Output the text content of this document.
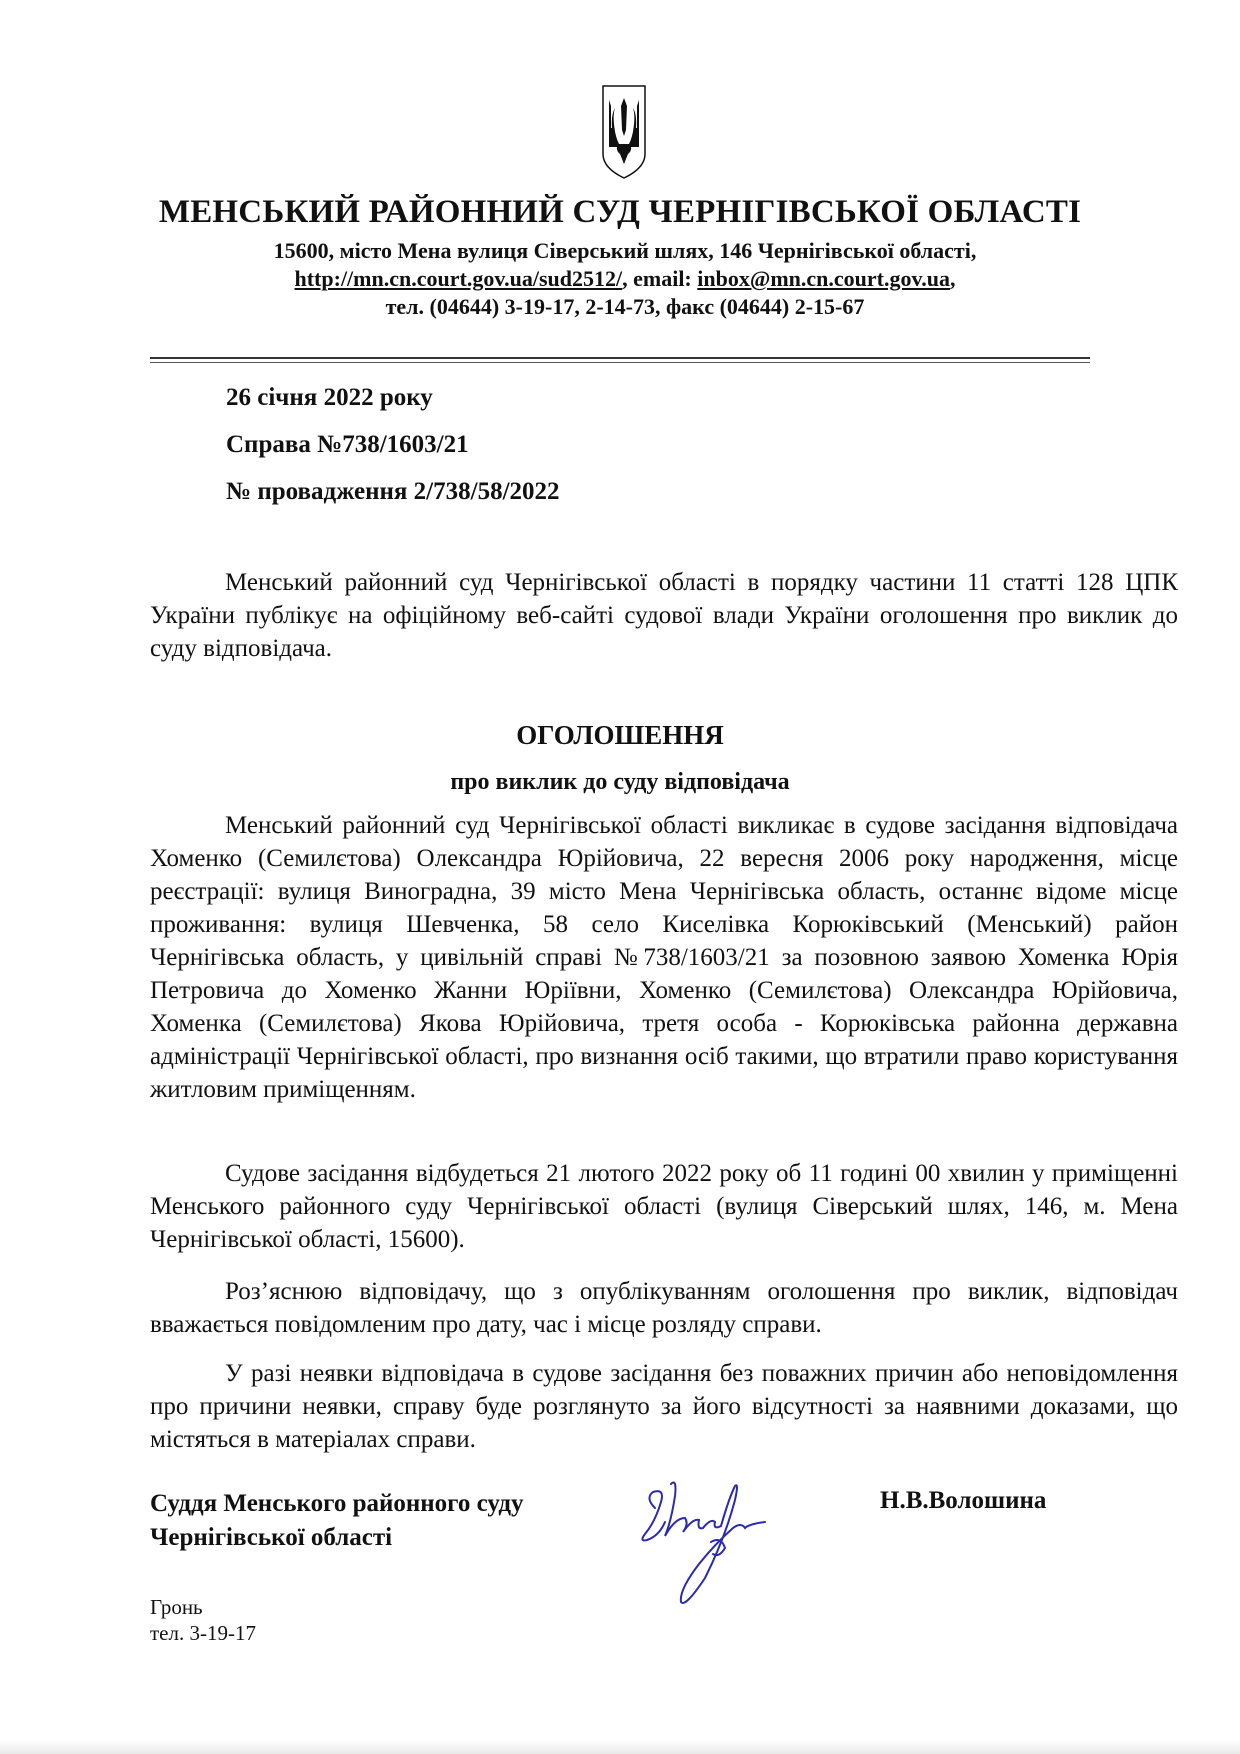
МЕНСЬКИЙ РАЙОННИЙ СУД ЧЕРНІГІВСЬКОЇ ОБЛАСТІ
15600, місто Мена вулиця Сіверський шлях, 146 Чернігівської області,
http://mn.cn.court.gov.ua/sud2512/, email: inbox@mn.cn.court.gov.ua,
тел. (04644) 3-19-17, 2-14-73, факс (04644) 2-15-67
26 січня 2022 року
Справа №738/1603/21
№ провадження 2/738/58/2022
Менський районний суд Чернігівської області в порядку частини 11 статті 128 ЦПК України публікує на офіційному веб-сайті судової влади України оголошення про виклик до суду відповідача.
ОГОЛОШЕННЯ
про виклик до суду відповідача
Менський районний суд Чернігівської області викликає в судове засідання відповідача Хоменко (Семилєтова) Олександра Юрійовича, 22 вересня 2006 року народження, місце реєстрації: вулиця Виноградна, 39 місто Мена Чернігівська область, останнє відоме місце проживання: вулиця Шевченка, 58 село Киселівка Корюківський (Менський) район Чернігівська область, у цивільній справі №738/1603/21 за позовною заявою Хоменка Юрія Петровича до Хоменко Жанни Юріївни, Хоменко (Семилєтова) Олександра Юрійовича, Хоменка (Семилєтова) Якова Юрійовича, третя особа - Корюківська районна державна адміністрації Чернігівської області, про визнання осіб такими, що втратили право користування житловим приміщенням.
Судове засідання відбудеться 21 лютого 2022 року об 11 годині 00 хвилин у приміщенні Менського районного суду Чернігівської області (вулиця Сіверський шлях, 146, м. Мена Чернігівської області, 15600).
Роз’яснюю відповідачу, що з опублікуванням оголошення про виклик, відповідач вважається повідомленим про дату, час і місце розляду справи.
У разі неявки відповідача в судове засідання без поважних причин або неповідомлення про причини неявки, справу буде розглянуто за його відсутності за наявними доказами, що містяться в матеріалах справи.
Суддя Менського районного суду
Чернігівської області
Н.В.Волошина
Гронь
тел. 3-19-17
